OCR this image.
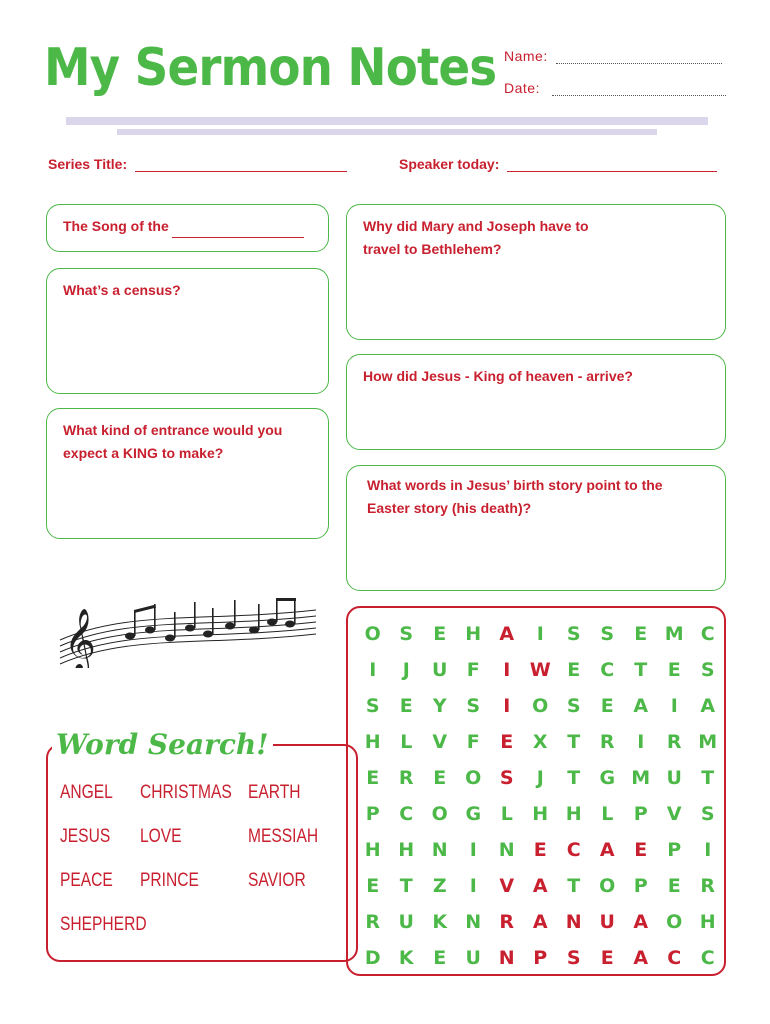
My Sermon Notes Name:
Date:
Series Title:	Speaker today:
The Song of the
What’s a census?
What kind of entrance would you expect a KING to make?
Why did Mary and Joseph have to travel to Bethlehem?
How did Jesus - King of heaven - arrive?
What words in Jesus’ birth story point to the Easter story (his death)?
𝄞
Word Search!
ANGEL	CHRISTMAS EARTH
JESUS	LOVE	MESSIAH
PEACE	PRINCE	SAVIOR
SHEPHERD
O S	E	H A	I	S	S	E M C
I	J	U	F	I	W E	C	T	E	S
S	E	Y	S	I	O S	E	A	I	A
H	L	V	F	E	X	T	R	I	R M
E	R	E O S	J	T	G M U	T
P	C O G	L	H H	L	P	V	S
H H N	I	N	E	C	A	E	P	I
E	T	Z	I	V A	T O P	E	R
R U K N R A N U A O H
D K	E	U N P	S	E	A	C	C
